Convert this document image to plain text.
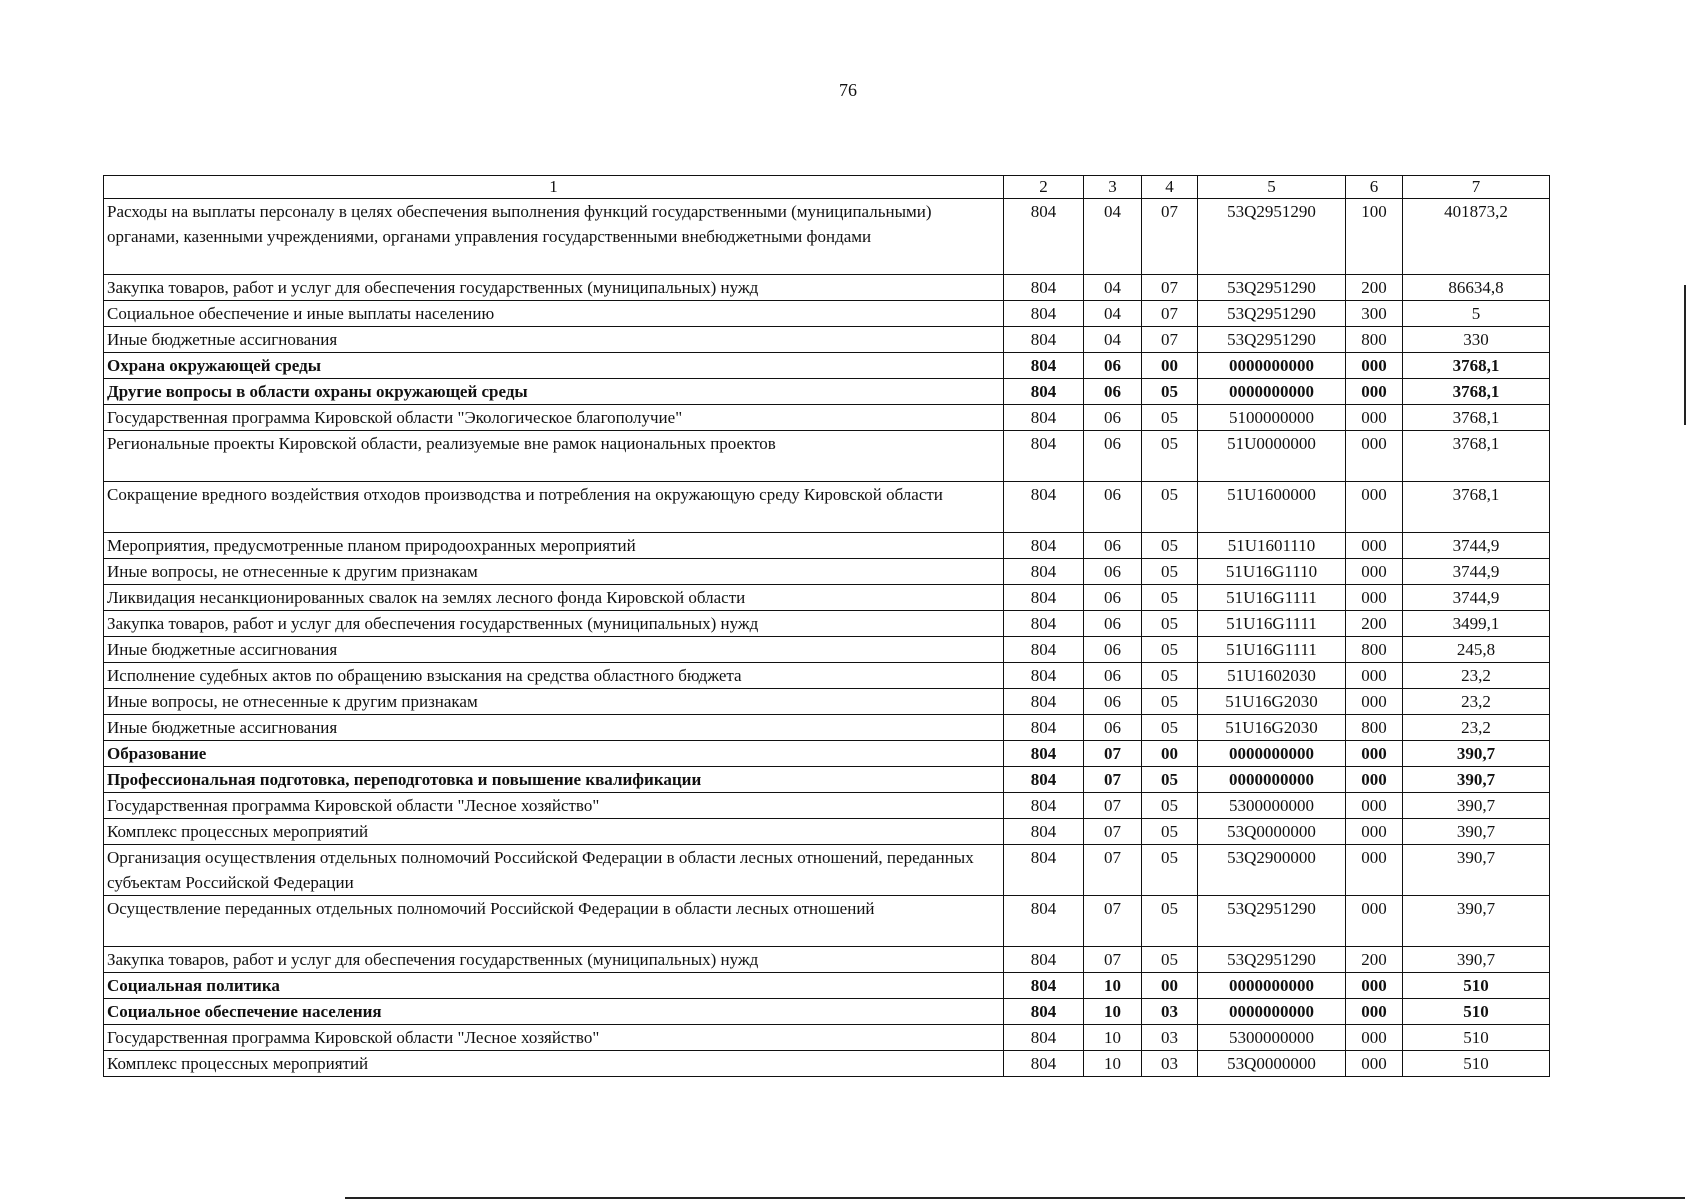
76
1	2	3	4	5	6	7
Расходы на выплаты персоналу в целях обеспечения выполнения функций государственными (муниципальными) органами, казенными учреждениями, органами управления государственными внебюджетными фондами	804	04	07	53Q2951290	100	401873,2
Закупка товаров, работ и услуг для обеспечения государственных (муниципальных) нужд	804	04	07	53Q2951290	200	86634,8
Социальное обеспечение и иные выплаты населению	804	04	07	53Q2951290	300	5
Иные бюджетные ассигнования	804	04	07	53Q2951290	800	330
Охрана окружающей среды	804	06	00	0000000000	000	3768,1
Другие вопросы в области охраны окружающей среды	804	06	05	0000000000	000	3768,1
Государственная программа Кировской области "Экологическое благополучие"	804	06	05	5100000000	000	3768,1
Региональные проекты Кировской области, реализуемые вне рамок национальных проектов	804	06	05	51U0000000	000	3768,1
Сокращение вредного воздействия отходов производства и потребления на окружающую среду Кировской области	804	06	05	51U1600000	000	3768,1
Мероприятия, предусмотренные планом природоохранных мероприятий	804	06	05	51U1601110	000	3744,9
Иные вопросы, не отнесенные к другим признакам	804	06	05	51U16G1110	000	3744,9
Ликвидация несанкционированных свалок на землях лесного фонда Кировской области	804	06	05	51U16G1111	000	3744,9
Закупка товаров, работ и услуг для обеспечения государственных (муниципальных) нужд	804	06	05	51U16G1111	200	3499,1
Иные бюджетные ассигнования	804	06	05	51U16G1111	800	245,8
Исполнение судебных актов по обращению взыскания на средства областного бюджета	804	06	05	51U1602030	000	23,2
Иные вопросы, не отнесенные к другим признакам	804	06	05	51U16G2030	000	23,2
Иные бюджетные ассигнования	804	06	05	51U16G2030	800	23,2
Образование	804	07	00	0000000000	000	390,7
Профессиональная подготовка, переподготовка и повышение квалификации	804	07	05	0000000000	000	390,7
Государственная программа Кировской области "Лесное хозяйство"	804	07	05	5300000000	000	390,7
Комплекс процессных мероприятий	804	07	05	53Q0000000	000	390,7
Организация осуществления отдельных полномочий Российской Федерации в области лесных отношений, переданных субъектам Российской Федерации	804	07	05	53Q2900000	000	390,7
Осуществление переданных отдельных полномочий Российской Федерации в области лесных отношений	804	07	05	53Q2951290	000	390,7
Закупка товаров, работ и услуг для обеспечения государственных (муниципальных) нужд	804	07	05	53Q2951290	200	390,7
Социальная политика	804	10	00	0000000000	000	510
Социальное обеспечение населения	804	10	03	0000000000	000	510
Государственная программа Кировской области "Лесное хозяйство"	804	10	03	5300000000	000	510
Комплекс процессных мероприятий	804	10	03	53Q0000000	000	510
